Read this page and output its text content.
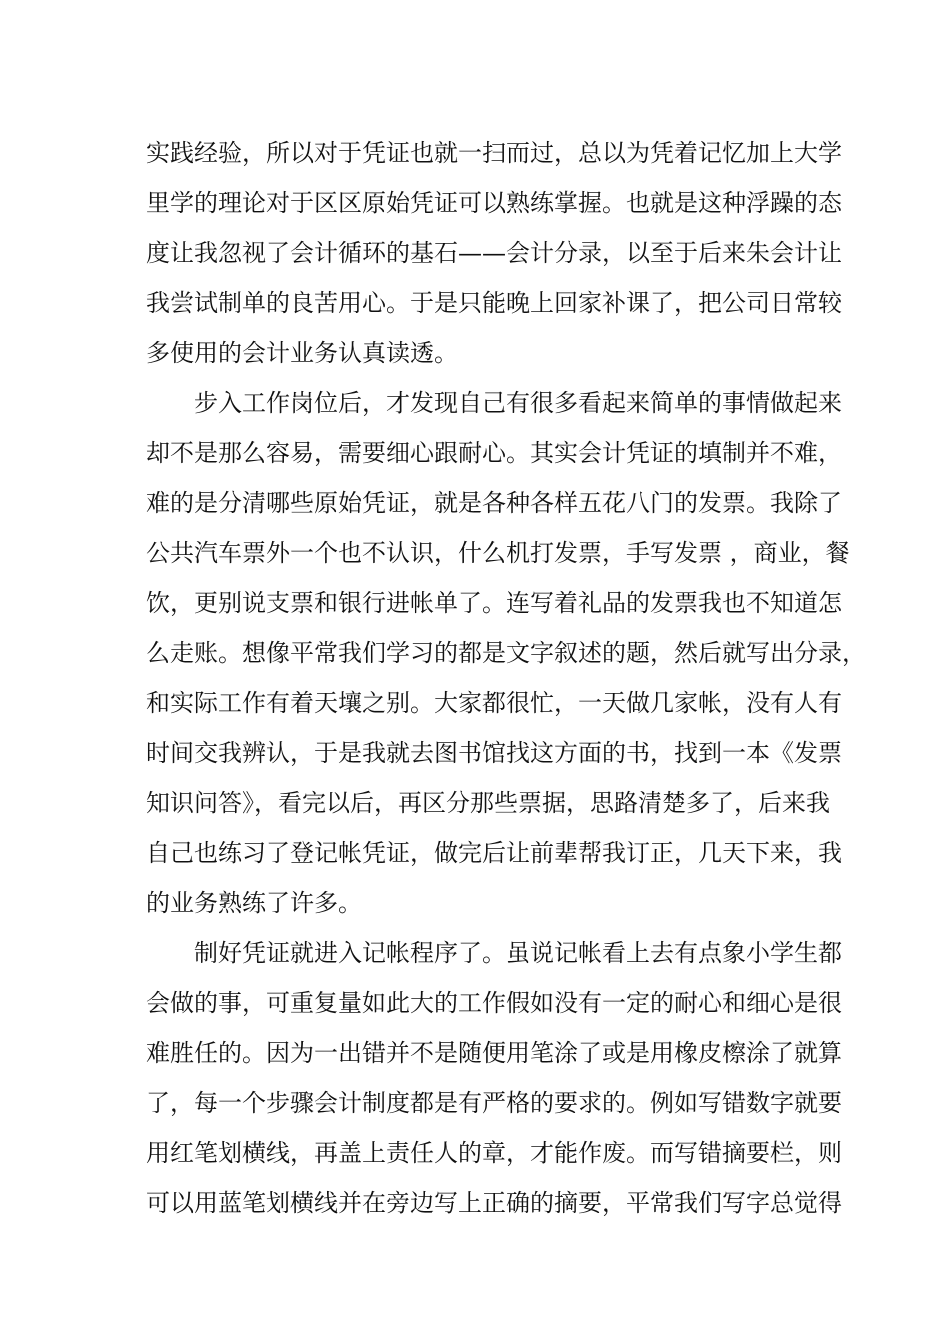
实践经验，所以对于凭证也就一扫而过，总以为凭着记忆加上大学
里学的理论对于区区原始凭证可以熟练掌握。也就是这种浮躁的态
度让我忽视了会计循环的基石——会计分录，以至于后来朱会计让
我尝试制单的良苦用心。于是只能晚上回家补课了，把公司日常较
多使用的会计业务认真读透。
步入工作岗位后，才发现自己有很多看起来简单的事情做起来
却不是那么容易，需要细心跟耐心。其实会计凭证的填制并不难，
难的是分清哪些原始凭证，就是各种各样五花八门的发票。我除了
公共汽车票外一个也不认识，什么机打发票，手写发票 ，商业，餐
饮，更别说支票和银行进帐单了。连写着礼品的发票我也不知道怎
么走账。想像平常我们学习的都是文字叙述的题，然后就写出分录，
和实际工作有着天壤之别。大家都很忙，一天做几家帐，没有人有
时间交我辨认，于是我就去图书馆找这方面的书，找到一本《发票
知识问答》，看完以后，再区分那些票据，思路清楚多了，后来我
自己也练习了登记帐凭证，做完后让前辈帮我订正，几天下来，我
的业务熟练了许多。
制好凭证就进入记帐程序了。虽说记帐看上去有点象小学生都
会做的事，可重复量如此大的工作假如没有一定的耐心和细心是很
难胜任的。因为一出错并不是随便用笔涂了或是用橡皮檫涂了就算
了，每一个步骤会计制度都是有严格的要求的。例如写错数字就要
用红笔划横线，再盖上责任人的章，才能作废。而写错摘要栏，则
可以用蓝笔划横线并在旁边写上正确的摘要，平常我们写字总觉得
